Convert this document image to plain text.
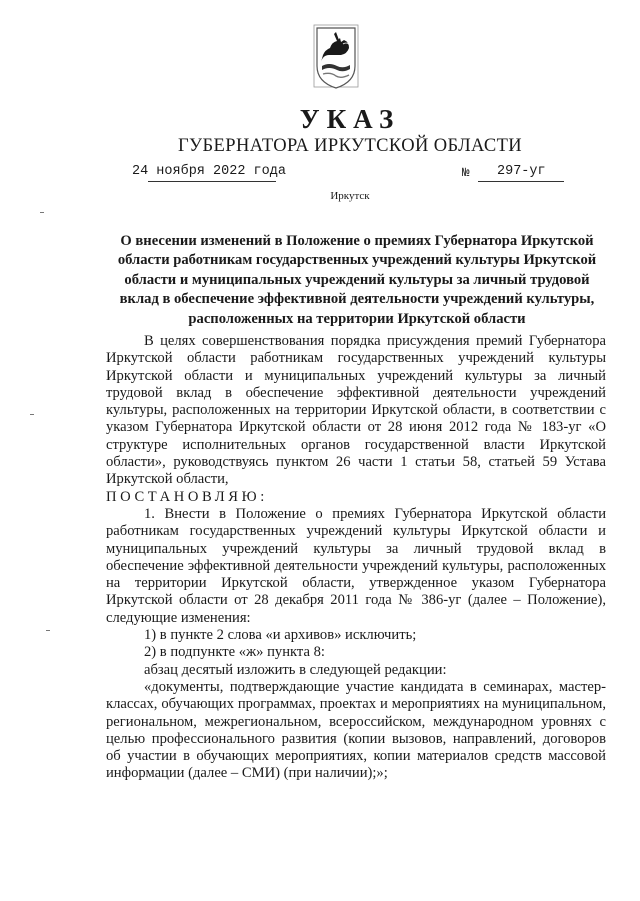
УКАЗ
ГУБЕРНАТОРА ИРКУТСКОЙ ОБЛАСТИ
24 ноября 2022 года	№ 297-уг
Иркутск
О внесении изменений в Положение о премиях Губернатора Иркутской области работникам государственных учреждений культуры Иркутской области и муниципальных учреждений культуры за личный трудовой вклад в обеспечение эффективной деятельности учреждений культуры, расположенных на территории Иркутской области

В целях совершенствования порядка присуждения премий Губернатора Иркутской области работникам государственных учреждений культуры Иркутской области и муниципальных учреждений культуры за личный трудовой вклад в обеспечение эффективной деятельности учреждений культуры, расположенных на территории Иркутской области, в соответствии с указом Губернатора Иркутской области от 28 июня 2012 года № 183-уг «О структуре исполнительных органов государственной власти Иркутской области», руководствуясь пунктом 26 части 1 статьи 58, статьей 59 Устава Иркутской области,

ПОСТАНОВЛЯЮ:

1. Внести в Положение о премиях Губернатора Иркутской области работникам государственных учреждений культуры Иркутской области и муниципальных учреждений культуры за личный трудовой вклад в обеспечение эффективной деятельности учреждений культуры, расположенных на территории Иркутской области, утвержденное указом Губернатора Иркутской области от 28 декабря 2011 года № 386-уг (далее – Положение), следующие изменения:

1) в пункте 2 слова «и архивов» исключить;

2) в подпункте «ж» пункта 8:

абзац десятый изложить в следующей редакции:

«документы, подтверждающие участие кандидата в семинарах, мастер-классах, обучающих программах, проектах и мероприятиях на муниципальном, региональном, межрегиональном, всероссийском, международном уровнях с целью профессионального развития (копии вызовов, направлений, договоров об участии в обучающих мероприятиях, копии материалов средств массовой информации (далее – СМИ) (при наличии);»;
